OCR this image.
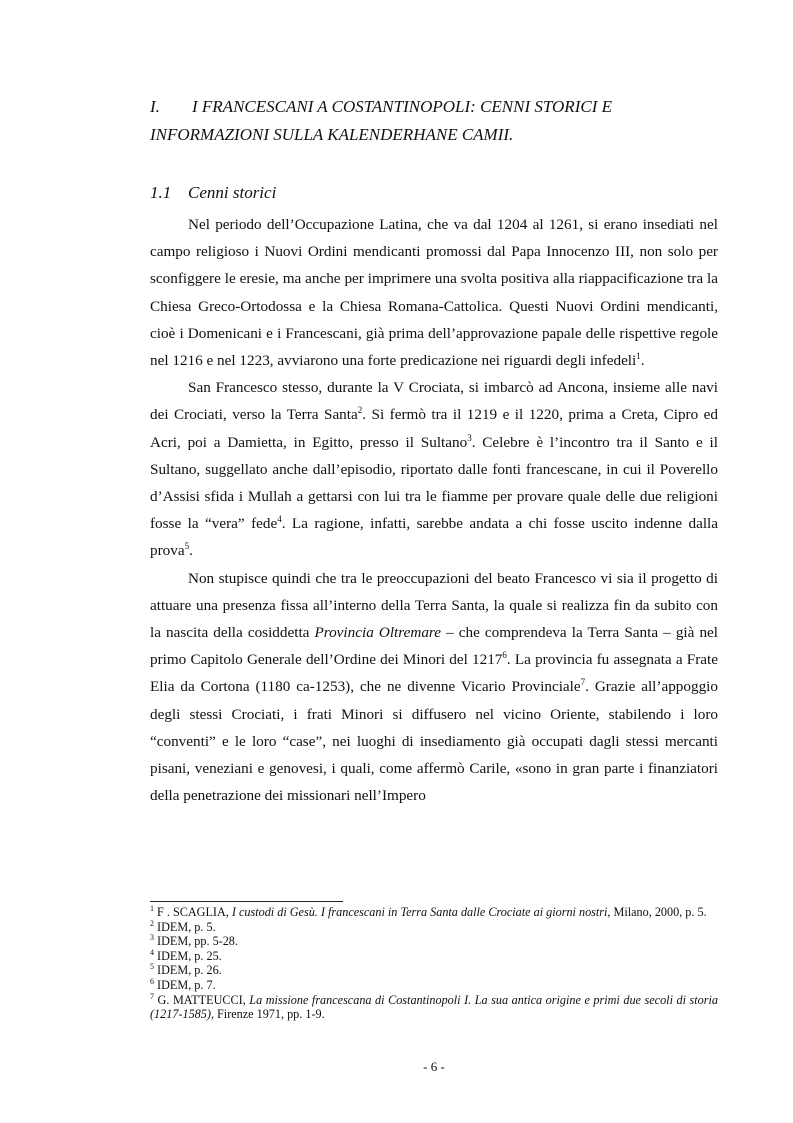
I. I FRANCESCANI A COSTANTINOPOLI: CENNI STORICI E
INFORMAZIONI SULLA KALENDERHANE CAMII.
1.1 Cenni storici

Nel periodo dell’Occupazione Latina, che va dal 1204 al 1261, si erano insediati nel campo religioso i Nuovi Ordini mendicanti promossi dal Papa Innocenzo III, non solo per sconfiggere le eresie, ma anche per imprimere una svolta positiva alla riappacificazione tra la Chiesa Greco-Ortodossa e la Chiesa Romana-Cattolica. Questi Nuovi Ordini mendicanti, cioè i Domenicani e i Francescani, già prima dell’approvazione papale delle rispettive regole nel 1216 e nel 1223, avviarono una forte predicazione nei riguardi degli infedeli$^1$.

San Francesco stesso, durante la V Crociata, si imbarcò ad Ancona, insieme alle navi dei Crociati, verso la Terra Santa$^2$. Si fermò tra il 1219 e il 1220, prima a Creta, Cipro ed Acri, poi a Damietta, in Egitto, presso il Sultano$^3$. Celebre è l’incontro tra il Santo e il Sultano, suggellato anche dall’episodio, riportato dalle fonti francescane, in cui il Poverello d’Assisi sfida i Mullah a gettarsi con lui tra le fiamme per provare quale delle due religioni fosse la “vera” fede$^4$. La ragione, infatti, sarebbe andata a chi fosse uscito indenne dalla prova$^5$.

Non stupisce quindi che tra le preoccupazioni del beato Francesco vi sia il progetto di attuare una presenza fissa all’interno della Terra Santa, la quale si realizza fin da subito con la nascita della cosiddetta Provincia Oltremare – che comprendeva la Terra Santa – già nel primo Capitolo Generale dell’Ordine dei Minori del 1217$^6$. La provincia fu assegnata a Frate Elia da Cortona (1180 ca-1253), che ne divenne Vicario Provinciale$^7$. Grazie all’appoggio degli stessi Crociati, i frati Minori si diffusero nel vicino Oriente, stabilendo i loro “conventi” e le loro “case”, nei luoghi di insediamento già occupati dagli stessi mercanti pisani, veneziani e genovesi, i quali, come affermò Carile, «sono in gran parte i finanziatori della penetrazione dei missionari nell’Impero

$^1$ F . SCAGLIA, I custodi di Gesù. I francescani in Terra Santa dalle Crociate ai giorni nostri, Milano, 2000, p. 5.

$^2$ IDEM, p. 5.

$^3$ IDEM, pp. 5-28.

$^4$ IDEM, p. 25.

$^5$ IDEM, p. 26.

$^6$ IDEM, p. 7.

$^7$ G. MATTEUCCI, La missione francescana di Costantinopoli I. La sua antica origine e primi due secoli di storia (1217-1585), Firenze 1971, pp. 1-9.

- 6 -
